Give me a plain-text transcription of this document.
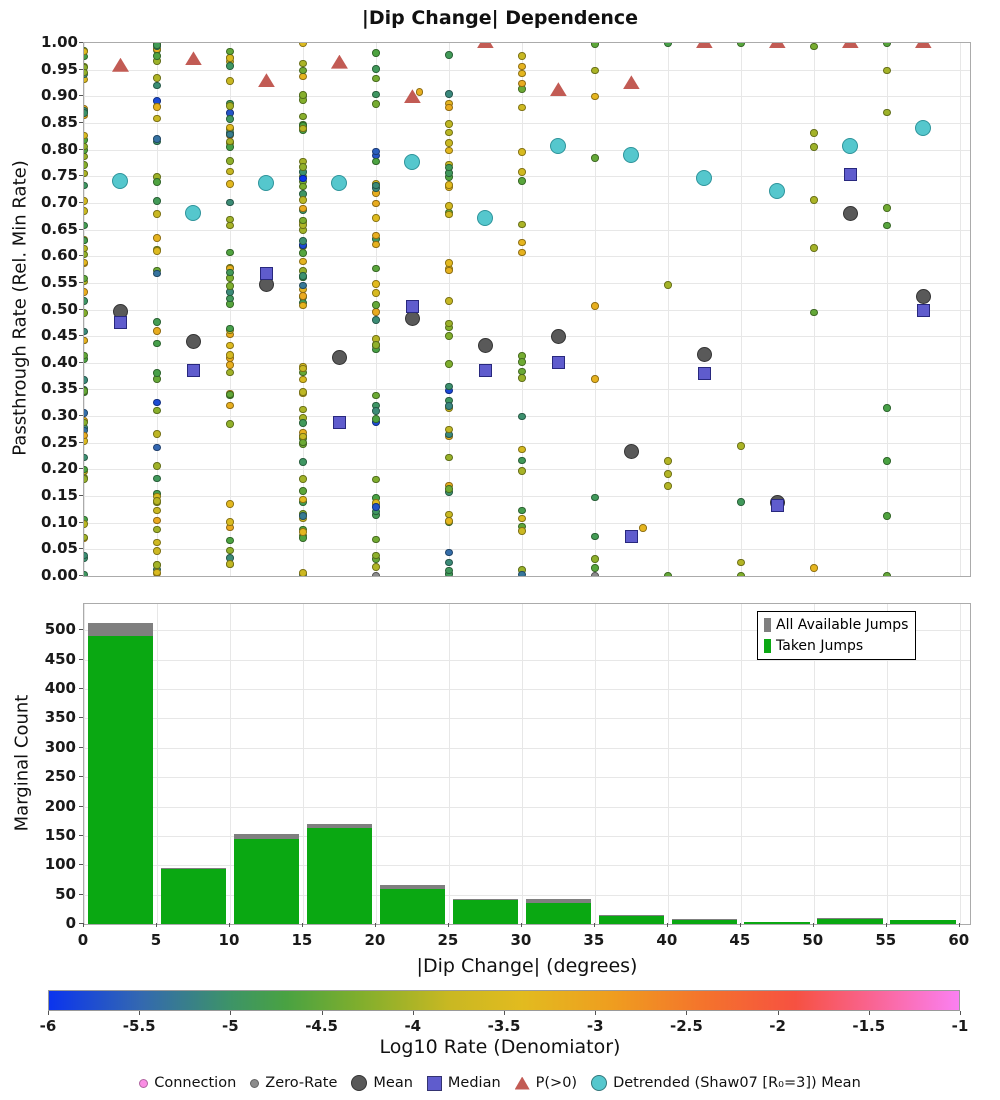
|Dip Change| Dependence
Passthrough Rate (Rel. Min Rate)
1.00
0.95
0.90
0.85
0.80
0.75
0.70
0.65
0.60
0.55
0.50
0.45
0.40
0.35
0.30
0.25
0.20
0.15
0.10
0.05
0.00
Marginal Count
0
50
100
150
200
250
300
350
400
450
500
0	5	10	15	20	25	30	35	40	45	50	55	60
All Available Jumps
Taken Jumps
|Dip Change| (degrees)
-6	-5.5	-5	-4.5	-4	-3.5	-3	-2.5	-2	-1.5	-1
Log10 Rate (Denomiator)
Connection Zero-Rate Mean Median P(>0) Detrended (Shaw07 [R₀=3]) Mean
